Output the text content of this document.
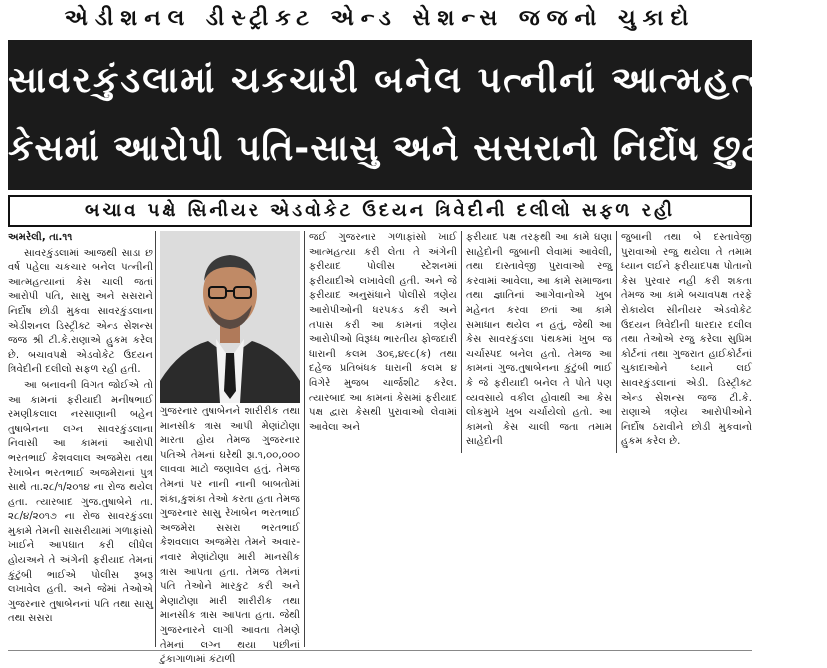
એડીશનલ ડીસ્ટ્રીક્ટ એન્ડ સેશન્સ જજનો ચુકાદો
સાવરકુંડલામાં ચકચારી બનેલ પત્નીનાં આત્મહત્યા
કેસમાં આરોપી પતિ-સાસુ અને સસરાનો નિર્દોષ છુટકારો
બચાવ પક્ષે સિનીયર એડવોકેટ ઉદયન ત્રિવેદીની દલીલો સફળ રહી

અમરેલી, તા.૧૧

સાવરકુંડલામાં આજથી સાડા છ વર્ષ પહેલા ચકચાર બનેલ પત્નીની આત્મહત્યાનાં કેસ ચાલી જતાં આરોપી પતિ, સાસુ અને સસરાને નિર્દોષ છોડી મુકવા સાવરકુંડલાના એડીશનલ ડિસ્ટ્રીક્ટ એન્ડ સેશન્સ જજ શ્રી ટી.કે.રાણાએ હુકમ કરેલ છે. બચાવપક્ષે એડવોકેટ ઉદયન ત્રિવેદીની દલીલો સફળ રહી હતી.

આ બનાવની વિગત જોઈએ તો આ કામનાં ફરીયાદી મનીષભાઈ રમણીકલાલ નરસાણાની બહેન તુષાબેનના લગ્ન સાવરકુંડલાના નિવાસી આ કામનાં આરોપી ભરતભાઈ કેશવલાલ અજમેરા તથા રેખાબેન ભરતભાઈ અજમેરાનાં પુત્ર સાથે તા.૨૮/૧/૨૦૧૪ ના રોજ થયેલ હતા. ત્યારબાદ ગુજ.તુષાબેને તા. ૨૮/૪/૨૦૧૭ ના રોજ સાવરકુંડલા મુકામે તેમની સાસરીયામાં ગળાફાંસો ખાઈને આપઘાત કરી લીધેલ હોયઅને તે અંગેની ફરીયાદ તેમનાં કુંટુંબી ભાઈએ પોલીસ રૂબરૂ લખાવેલ હતી. અને જેમાં તેઓએ ગુજરનાર તુષાબેનનાં પતિ તથા સાસુ તથા સસરા

ગુજરનાર તુષાબેનને શારીરીક તથા માનસીક ત્રાસ આપી મેણાંટોણા મારતા હોય તેમજ ગુજરનાર પતિએ તેમનાં ઘરેથી રૂા.૧,૦૦,૦૦૦ લાવવા માટો જણાવેલ હતું. તેમજ તેમનાં પર નાની નાની બાબતોમાં શંકા,કુશંકા તેઓ કરતા હતા તેમજ ગુજરનાર સાસુ રેખાબેન ભરતભાઈ અજમેરા સસરા ભરતભાઈ કેશવલાલ અજમેરા તેમને અવાર-નવાર મેણાંટોણા મારી માનસીક ત્રાસ આપતા હતા. તેમજ તેમનાં પતિ તેઓને મારકુટ કરી અને મેણાટોણા મારી શારીરીક તથા માનસીક ત્રાસ આપતા હતા. જેથી ગુજરનારને લાગી આવતા તેમણે તેમનાં લગ્ન થયા પછીનાં ટુંકાગાળામાં કંટાળી

જઈ ગુજરનાર ગળાફાંસો ખાઈ આત્મહત્યા કરી લેતા તે અંગેની ફરીયાદ પોલીસ સ્ટેશનમાં ફરીયાદીએ લખાવેલી હતી. અને જે ફરીયાદ અનુસંધાને પોલીસે ત્રણેય આરોપીઓની ધરપકડ કરી અને તપાસ કરી આ કામનાં ત્રણેય આરોપીઓ વિરૂધ્ધ ભારતીય ફોજદારી ધારાની કલમ ૩૦૬,૪૯૮(ક) તથા દહેજ પ્રતિબંધક ધારાની કલમ ૪ વિગેરે મુજબ ચાર્જશીટ કરેલ. ત્યારબાદ આ કામનાં કેસમાં ફરીયાદ પક્ષ દ્વારા કેસથી પુરાવાઓ લેવામાં આવેલા અને

ફરીયાદ પક્ષ તરફથી આ કામે ઘણા સાહેદોની જુબાની લેવામાં આવેલી, તથા દાસ્તાવેજી પુરાવાઓ રજુ કરવામાં આવેલા, આ કામે સમાજના તથા જ્ઞાતિનાં આગેવાનોએ ખુબ મહેનત કરવા છતાં આ કામે સમાધાન થયેલ ન હતું, જેથી આ કેસ સાવરકુંડલા પંથકમાં ખુબ જ ચર્ચાસ્પદ બનેલ હતો. તેમજ આ કામનાં ગુજ.તુષાબેનના કુંટુંબી ભાઈ કે જે ફરીયાદી બનેલ તે પોતે પણ વ્યવસાયે વકીલ હોવાથી આ કેસ લોકમુખે ખુબ ચર્ચાયેલો હતો. આ કામનો કેસ ચાલી જતા તમામ સાહેદોની

જુબાની તથા બે દસ્તાવેજી પુરાવાઓ રજુ થયેલા તે તમામ ધ્યાન લઈને ફરીયાદપક્ષ પોતાનો કેસ પુરવાર નહી કરી શકતા તેમજ આ કામે બચાવપક્ષ તરફે રોકાયેલ સીનીયર એડવોકેટ ઉદયન ત્રિવેદીની ધારદાર દલીલ તથા તેઓએ રજુ કરેલા સુપ્રિમ કોર્ટનાં તથા ગુજરાત હાઈકોર્ટનાં ચુકાદાઓને ધ્યાને લઈ સાવરકુંડલાનાં એડી. ડિસ્ટ્રીક્ટ એન્ડ સેશન્સ જજ ટી.કે. રાણાએ ત્રણેય આરોપીઓને નિર્દોષ ઠરાવીને છોડી મુકવાનો હુકમ કરેલ છે.
